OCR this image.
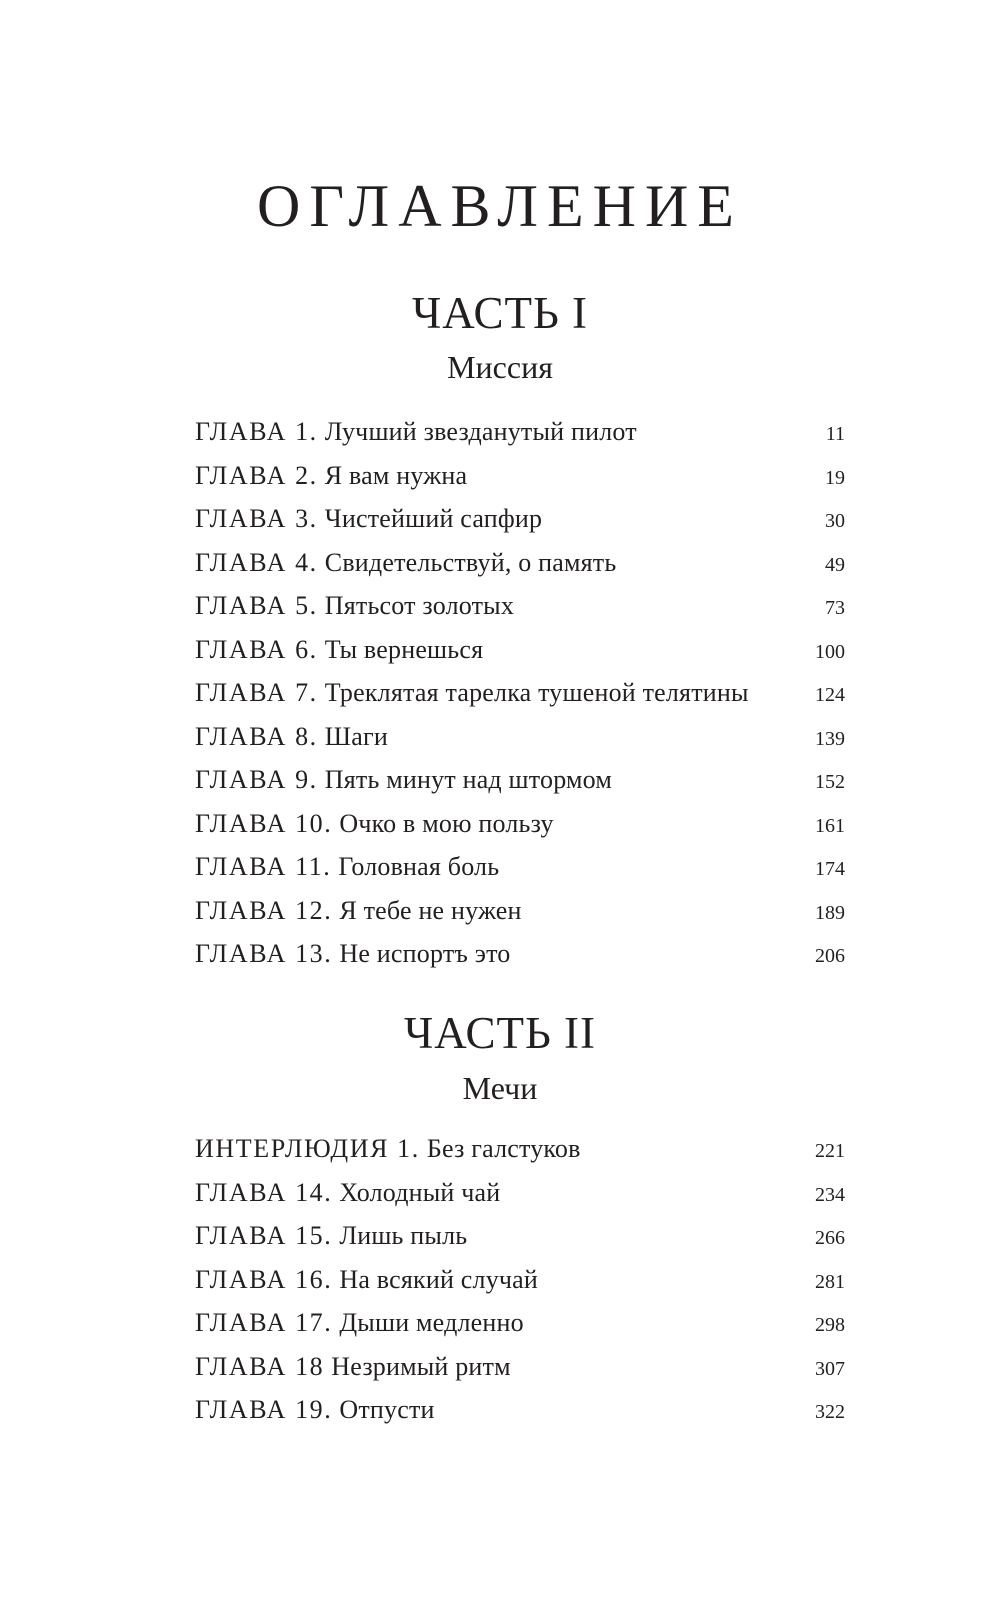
ОГЛАВЛЕНИЕ
ЧАСТЬ I
Миссия
ГЛАВА 1. Лучший звезданутый пилот	11
ГЛАВА 2. Я вам нужна	19
ГЛАВА 3. Чистейший сапфир	30
ГЛАВА 4. Свидетельствуй, о память	49
ГЛАВА 5. Пятьсот золотых	73
ГЛАВА 6. Ты вернешься	100
ГЛАВА 7. Треклятая тарелка тушеной телятины	124
ГЛАВА 8. Шаги	139
ГЛАВА 9. Пять минут над штормом	152
ГЛАВА 10. Очко в мою пользу	161
ГЛАВА 11. Головная боль	174
ГЛАВА 12. Я тебе не нужен	189
ГЛАВА 13. Не испортъ это	206
ЧАСТЬ II
Мечи
ИНТЕРЛЮДИЯ 1. Без галстуков	221
ГЛАВА 14. Холодный чай	234
ГЛАВА 15. Лишь пыль	266
ГЛАВА 16. На всякий случай	281
ГЛАВА 17. Дыши медленно	298
ГЛАВА 18 Незримый ритм	307
ГЛАВА 19. Отпусти	322
